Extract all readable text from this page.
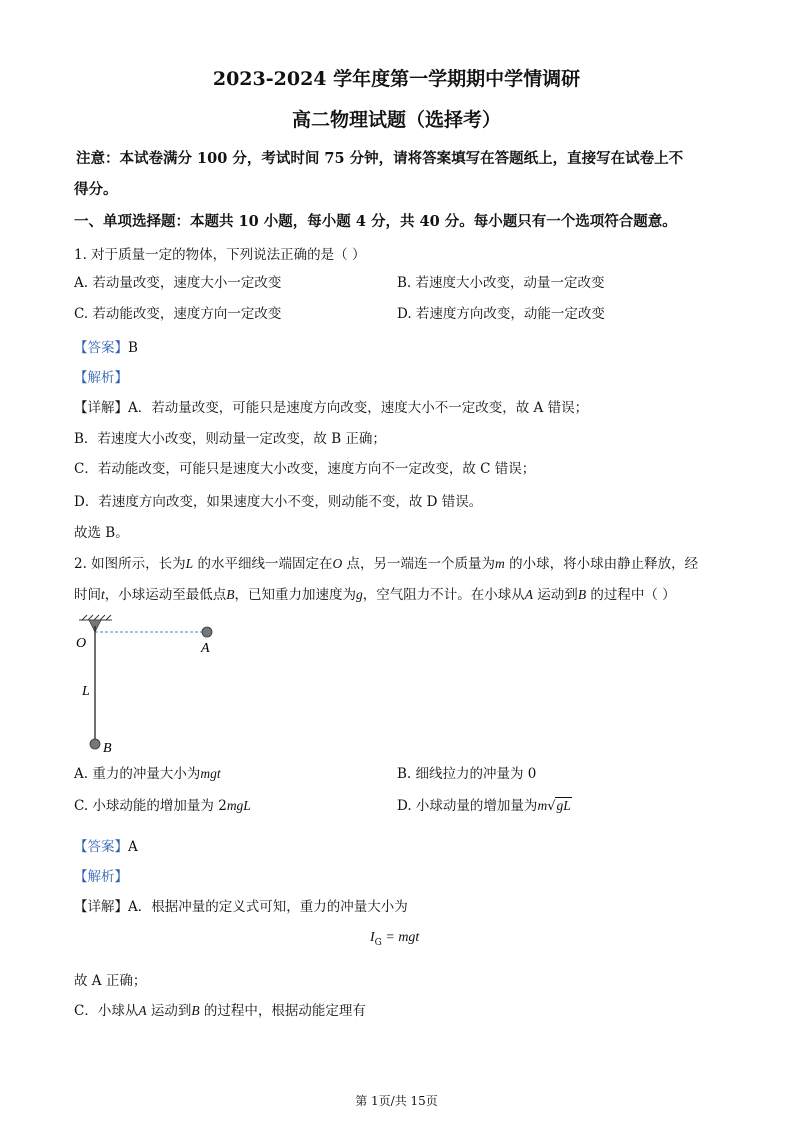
2023-2024 学年度第一学期期中学情调研
高二物理试题（选择考）
注意：本试卷满分 100 分，考试时间 75 分钟，请将答案填写在答题纸上，直接写在试卷上不
得分。
一、单项选择题：本题共 10 小题，每小题 4 分，共 40 分。每小题只有一个选项符合题意。
1. 对于质量一定的物体，下列说法正确的是（ ）
A. 若动量改变，速度大小一定改变	B. 若速度大小改变，动量一定改变
C. 若动能改变，速度方向一定改变	D. 若速度方向改变，动能一定改变
【答案】B
【解析】
【详解】A．若动量改变，可能只是速度方向改变，速度大小不一定改变，故 A 错误；
B．若速度大小改变，则动量一定改变，故 B 正确；
C．若动能改变，可能只是速度大小改变，速度方向不一定改变，故 C 错误；
D．若速度方向改变，如果速度大小不变，则动能不变，故 D 错误。
故选 B。
2. 如图所示，长为L 的水平细线一端固定在O 点，另一端连一个质量为m 的小球，将小球由静止释放，经
时间t，小球运动至最低点B，已知重力加速度为g，空气阻力不计。在小球从A 运动到B 的过程中（ ）
O	A
L
B
A. 重力的冲量大小为mgt	B. 细线拉力的冲量为 0
C. 小球动能的增加量为 2mgL	D. 小球动量的增加量为m√gL
【答案】A
【解析】
【详解】A．根据冲量的定义式可知，重力的冲量大小为
$I_G$ = mgt
故 A 正确；
C．小球从A 运动到B 的过程中，根据动能定理有
第 1页/共 15页
